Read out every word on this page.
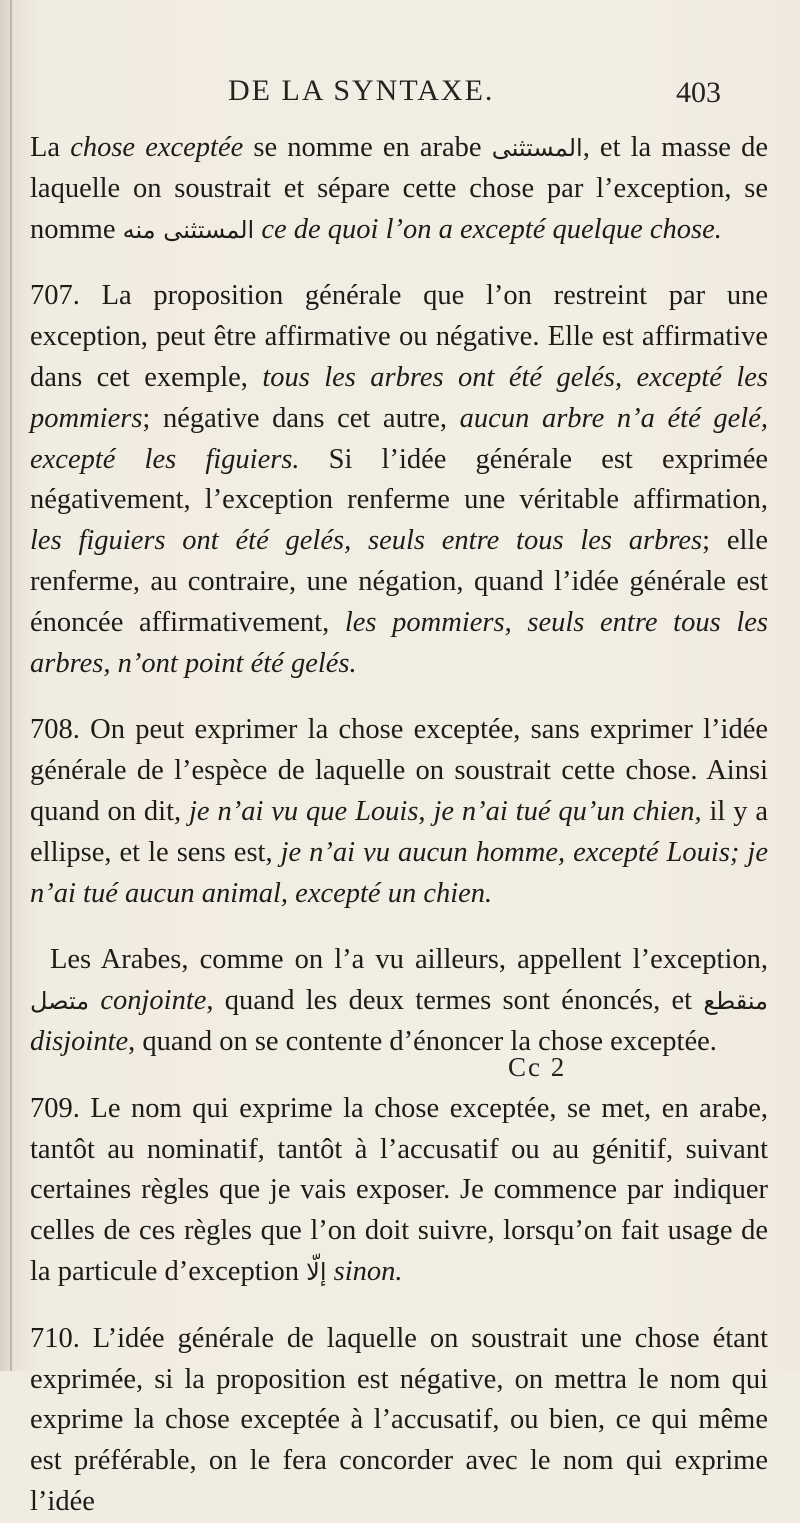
DE LA SYNTAXE.	403

La chose exceptée se nomme en arabe المستثنى, et la masse de laquelle on soustrait et sépare cette chose par l’exception, se nomme المستثنى منه ce de quoi l’on a excepté quelque chose.

707. La proposition générale que l’on restreint par une exception, peut être affirmative ou négative. Elle est affirmative dans cet exemple, tous les arbres ont été gelés, excepté les pommiers; négative dans cet autre, aucun arbre n’a été gelé, excepté les figuiers. Si l’idée générale est exprimée négativement, l’exception renferme une véritable affirmation, les figuiers ont été gelés, seuls entre tous les arbres; elle renferme, au contraire, une négation, quand l’idée générale est énoncée affirmativement, les pommiers, seuls entre tous les arbres, n’ont point été gelés.

708. On peut exprimer la chose exceptée, sans exprimer l’idée générale de l’espèce de laquelle on soustrait cette chose. Ainsi quand on dit, je n’ai vu que Louis, je n’ai tué qu’un chien, il y a ellipse, et le sens est, je n’ai vu aucun homme, excepté Louis; je n’ai tué aucun animal, excepté un chien.

Les Arabes, comme on l’a vu ailleurs, appellent l’exception, متصل conjointe, quand les deux termes sont énoncés, et منقطع disjointe, quand on se contente d’énoncer la chose exceptée.

709. Le nom qui exprime la chose exceptée, se met, en arabe, tantôt au nominatif, tantôt à l’accusatif ou au génitif, suivant certaines règles que je vais exposer. Je commence par indiquer celles de ces règles que l’on doit suivre, lorsqu’on fait usage de la particule d’exception إلّا sinon.

710. L’idée générale de laquelle on soustrait une chose étant exprimée, si la proposition est négative, on mettra le nom qui exprime la chose exceptée à l’accusatif, ou bien, ce qui même est préférable, on le fera concorder avec le nom qui exprime l’idée

Cc 2
